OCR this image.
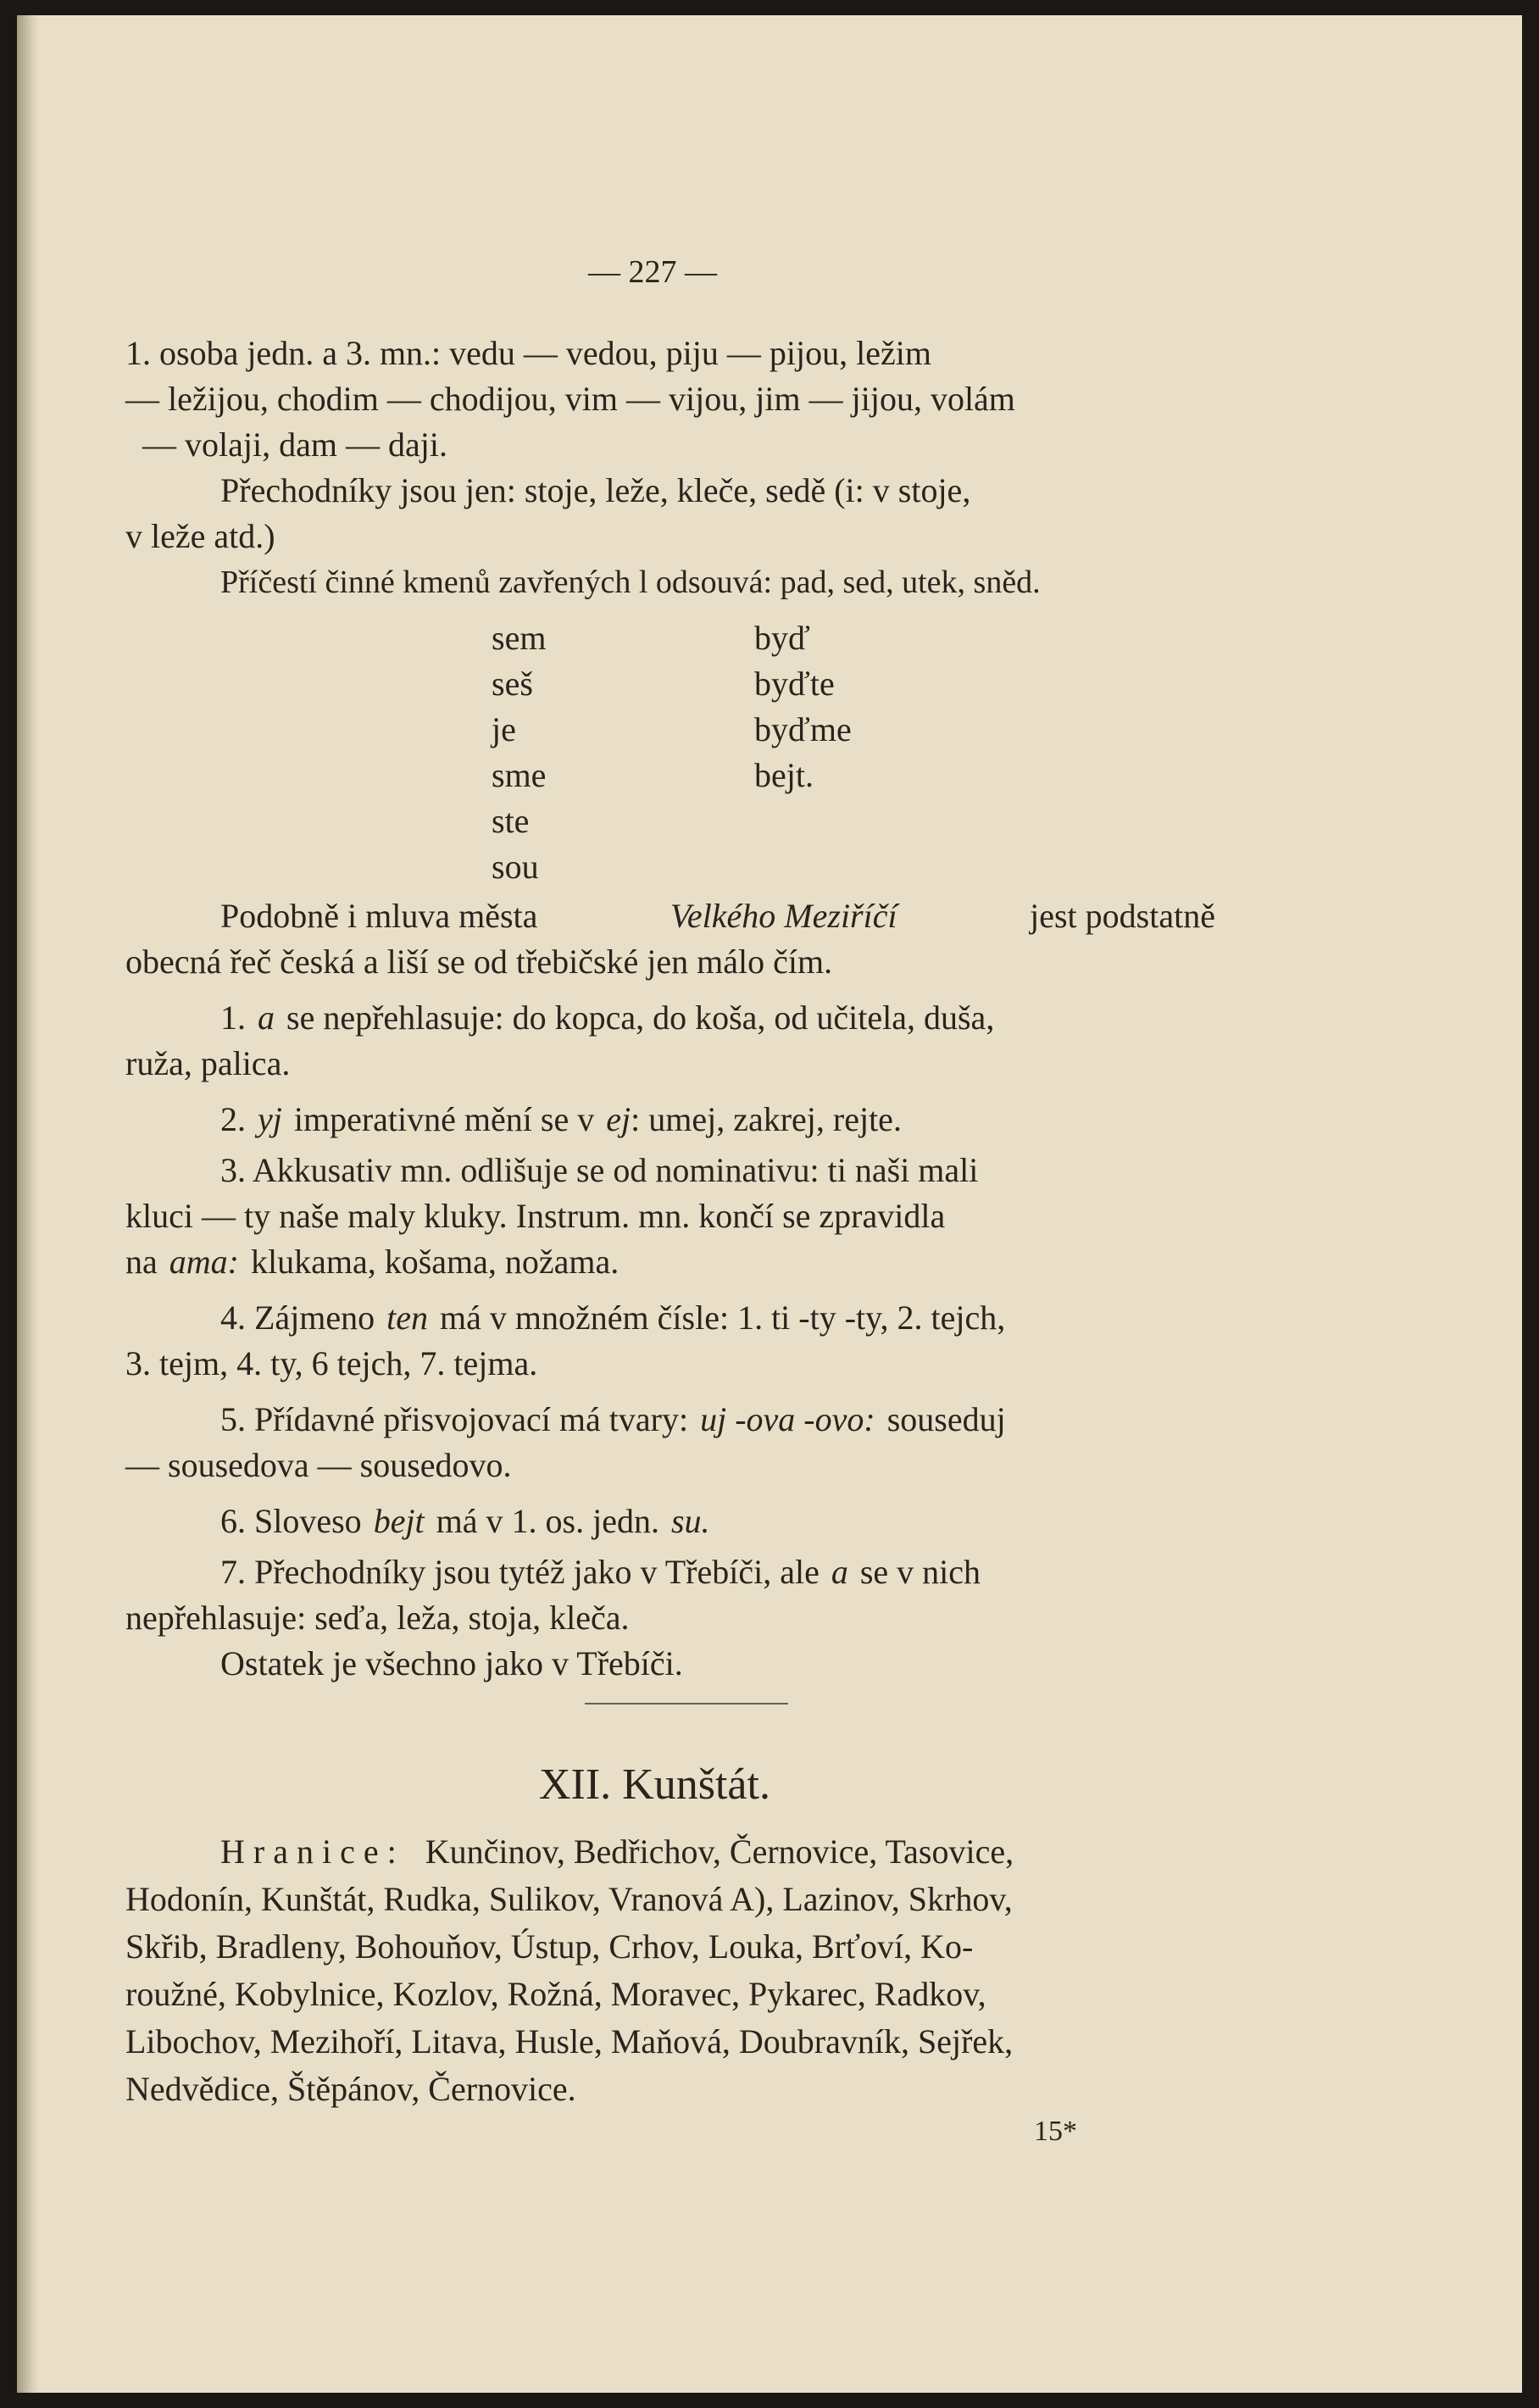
— 227 —
1. osoba jedn. a 3. mn.: vedu — vedou, piju — pijou, ležim
— ležijou, chodim — chodijou, vim — vijou, jim — jijou, volám
— volaji, dam — daji.
Přechodníky jsou jen: stoje, leže, kleče, sedě (i: v stoje,
v leže atd.)
Příčestí činné kmenů zavřených l odsouvá: pad, sed, utek, sněd.
sem
seš
je
sme
ste
sou
byď
byďte
byďme
bejt.
Podobně i mluva města	Velkého Meziříčí	jest podstatně
obecná řeč česká a liší se od třebičské jen málo čím.
1. a se nepřehlasuje: do kopca, do koša, od učitela, duša,
ruža, palica.
2. yj imperativné mění se v ej: umej, zakrej, rejte.
3. Akkusativ mn. odlišuje se od nominativu: ti naši mali
kluci — ty naše maly kluky. Instrum. mn. končí se zpravidla
na ama: klukama, košama, nožama.
4. Zájmeno ten má v množném čísle: 1. ti -ty -ty, 2. tejch,
3. tejm, 4. ty, 6 tejch, 7. tejma.
5. Přídavné přisvojovací má tvary: uj -ova -ovo: souseduj
— sousedova — sousedovo.
6. Sloveso bejt má v 1. os. jedn. su.
7. Přechodníky jsou tytéž jako v Třebíči, ale a se v nich
nepřehlasuje: seďa, leža, stoja, kleča.
Ostatek je všechno jako v Třebíči.
XII. Kunštát.
Hranice: Kunčinov, Bedřichov, Černovice, Tasovice,
Hodonín, Kunštát, Rudka, Sulikov, Vranová A), Lazinov, Skrhov,
Skřib, Bradleny, Bohouňov, Ústup, Crhov, Louka, Brťoví, Ko-
roužné, Kobylnice, Kozlov, Rožná, Moravec, Pykarec, Radkov,
Libochov, Mezihoří, Litava, Husle, Maňová, Doubravník, Sejřek,
Nedvědice, Štěpánov, Černovice.
15*
